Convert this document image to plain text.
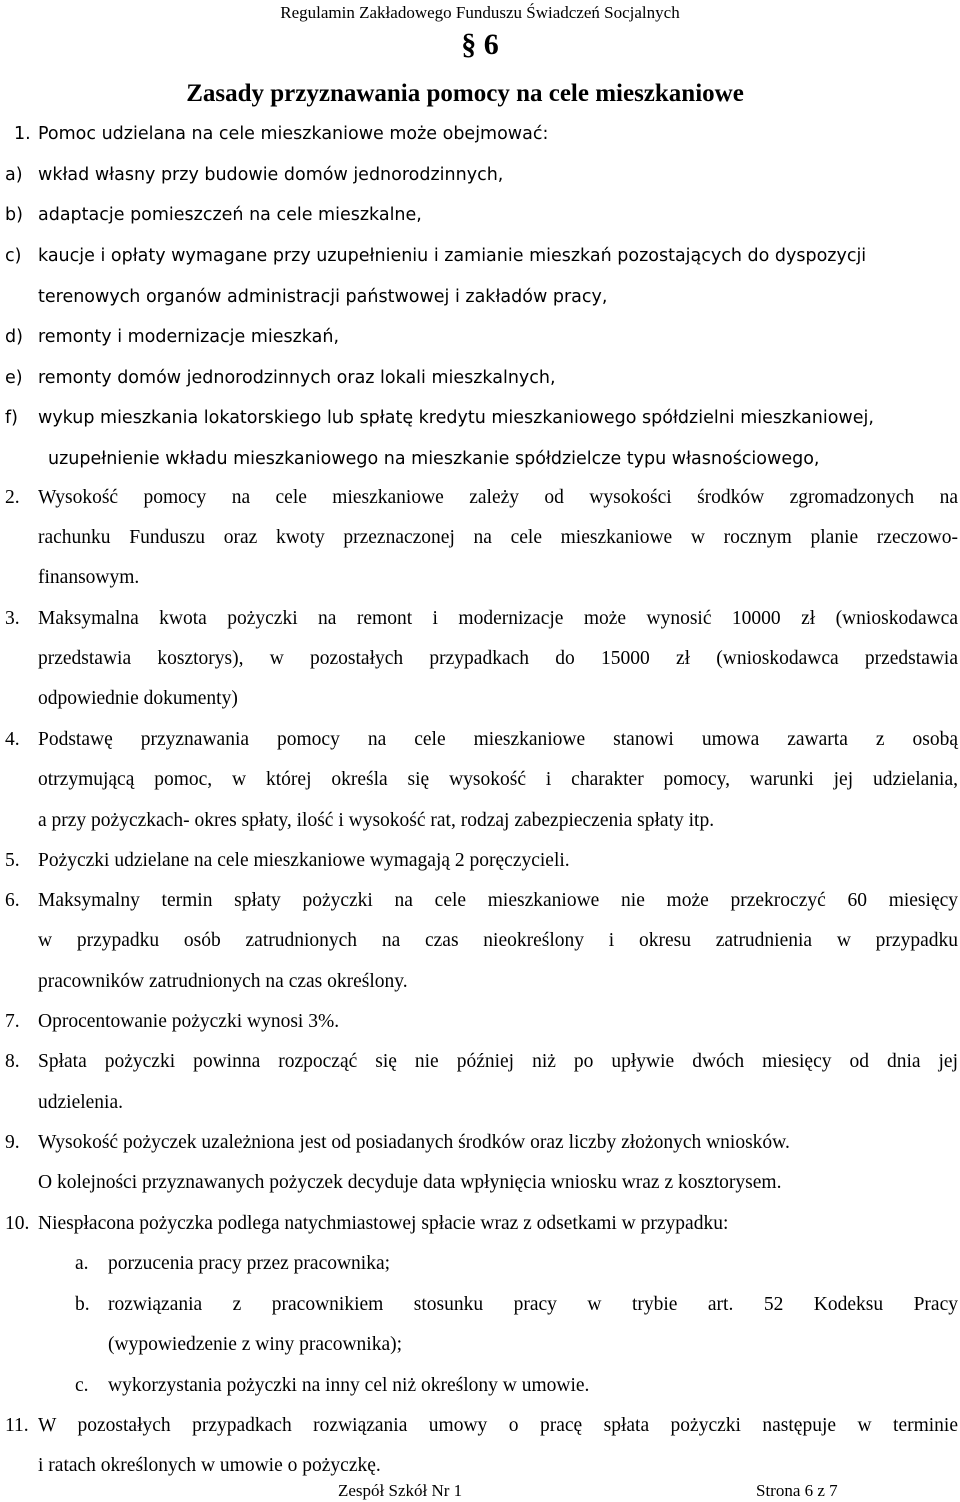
Regulamin Zakładowego Funduszu Świadczeń Socjalnych
§ 6
Zasady przyznawania pomocy na cele mieszkaniowe
1. Pomoc udzielana na cele mieszkaniowe może obejmować:
a) wkład własny przy budowie domów jednorodzinnych,
b) adaptacje pomieszczeń na cele mieszkalne,
c) kaucje i opłaty wymagane przy uzupełnieniu i zamianie mieszkań pozostających do dyspozycji
terenowych organów administracji państwowej i zakładów pracy,
d) remonty i modernizacje mieszkań,
e) remonty domów jednorodzinnych oraz lokali mieszkalnych,
f) wykup mieszkania lokatorskiego lub spłatę kredytu mieszkaniowego spółdzielni mieszkaniowej,
uzupełnienie wkładu mieszkaniowego na mieszkanie spółdzielcze typu własnościowego,
2. Wysokość pomocy na cele mieszkaniowe zależy od wysokości środków zgromadzonych na
rachunku Funduszu oraz kwoty przeznaczonej na cele mieszkaniowe w rocznym planie rzeczowo-
finansowym.
3. Maksymalna kwota pożyczki na remont i modernizacje może wynosić 10000 zł (wnioskodawca
przedstawia kosztorys), w pozostałych przypadkach do 15000 zł (wnioskodawca przedstawia
odpowiednie dokumenty)
4. Podstawę przyznawania pomocy na cele mieszkaniowe stanowi umowa zawarta z osobą
otrzymującą pomoc, w której określa się wysokość i charakter pomocy, warunki jej udzielania,
a przy pożyczkach- okres spłaty, ilość i wysokość rat, rodzaj zabezpieczenia spłaty itp.
5. Pożyczki udzielane na cele mieszkaniowe wymagają 2 poręczycieli.
6. Maksymalny termin spłaty pożyczki na cele mieszkaniowe nie może przekroczyć 60 miesięcy
w przypadku osób zatrudnionych na czas nieokreślony i okresu zatrudnienia w przypadku
pracowników zatrudnionych na czas określony.
7. Oprocentowanie pożyczki wynosi 3%.
8. Spłata pożyczki powinna rozpocząć się nie później niż po upływie dwóch miesięcy od dnia jej
udzielenia.
9. Wysokość pożyczek uzależniona jest od posiadanych środków oraz liczby złożonych wniosków.
O kolejności przyznawanych pożyczek decyduje data wpłynięcia wniosku wraz z kosztorysem.
10. Niespłacona pożyczka podlega natychmiastowej spłacie wraz z odsetkami w przypadku:
a. porzucenia pracy przez pracownika;
b. rozwiązania z pracownikiem stosunku pracy w trybie art. 52 Kodeksu Pracy
(wypowiedzenie z winy pracownika);
c. wykorzystania pożyczki na inny cel niż określony w umowie.
11. W pozostałych przypadkach rozwiązania umowy o pracę spłata pożyczki następuje w terminie
i ratach określonych w umowie o pożyczkę.
Zespół Szkół Nr 1	Strona 6 z 7
